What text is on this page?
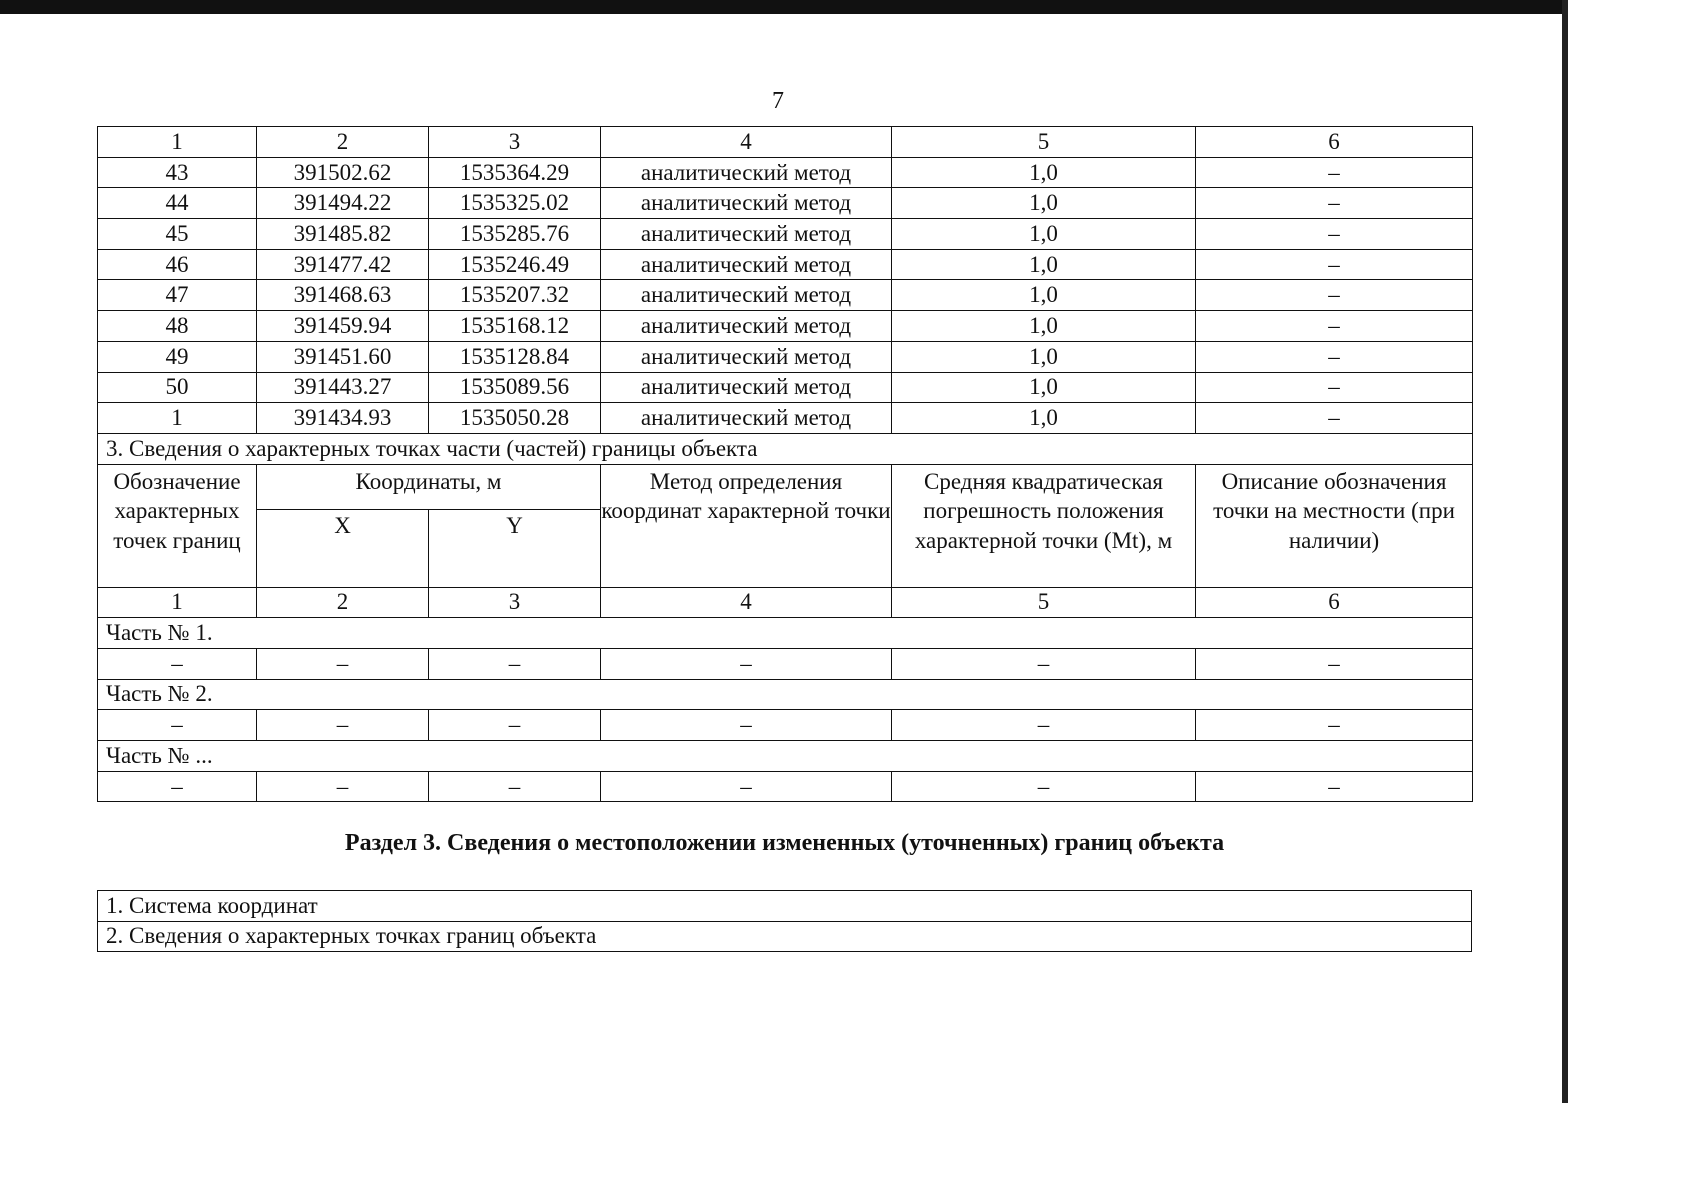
7
1	2	3	4	5	6
43	391502.62	1535364.29	аналитический метод	1,0	–
44	391494.22	1535325.02	аналитический метод	1,0	–
45	391485.82	1535285.76	аналитический метод	1,0	–
46	391477.42	1535246.49	аналитический метод	1,0	–
47	391468.63	1535207.32	аналитический метод	1,0	–
48	391459.94	1535168.12	аналитический метод	1,0	–
49	391451.60	1535128.84	аналитический метод	1,0	–
50	391443.27	1535089.56	аналитический метод	1,0	–
1	391434.93	1535050.28	аналитический метод	1,0	–
3. Сведения о характерных точках части (частей) границы объекта					
Обозначение характерных точек границ	Координаты, м		Метод определения координат характерной точки	Средняя квадратическая погрешность положения характерной точки (Mt), м	Описание обозначения точки на местности (при наличии)
	X	Y			
1	2	3	4	5	6
Часть № 1.					
–	–	–	–	–	–
Часть № 2.					
–	–	–	–	–	–
Часть № ...					
–	–	–	–	–	–
Раздел 3. Сведения о местоположении измененных (уточненных) границ объекта
1. Система координат
2. Сведения о характерных точках границ объекта
